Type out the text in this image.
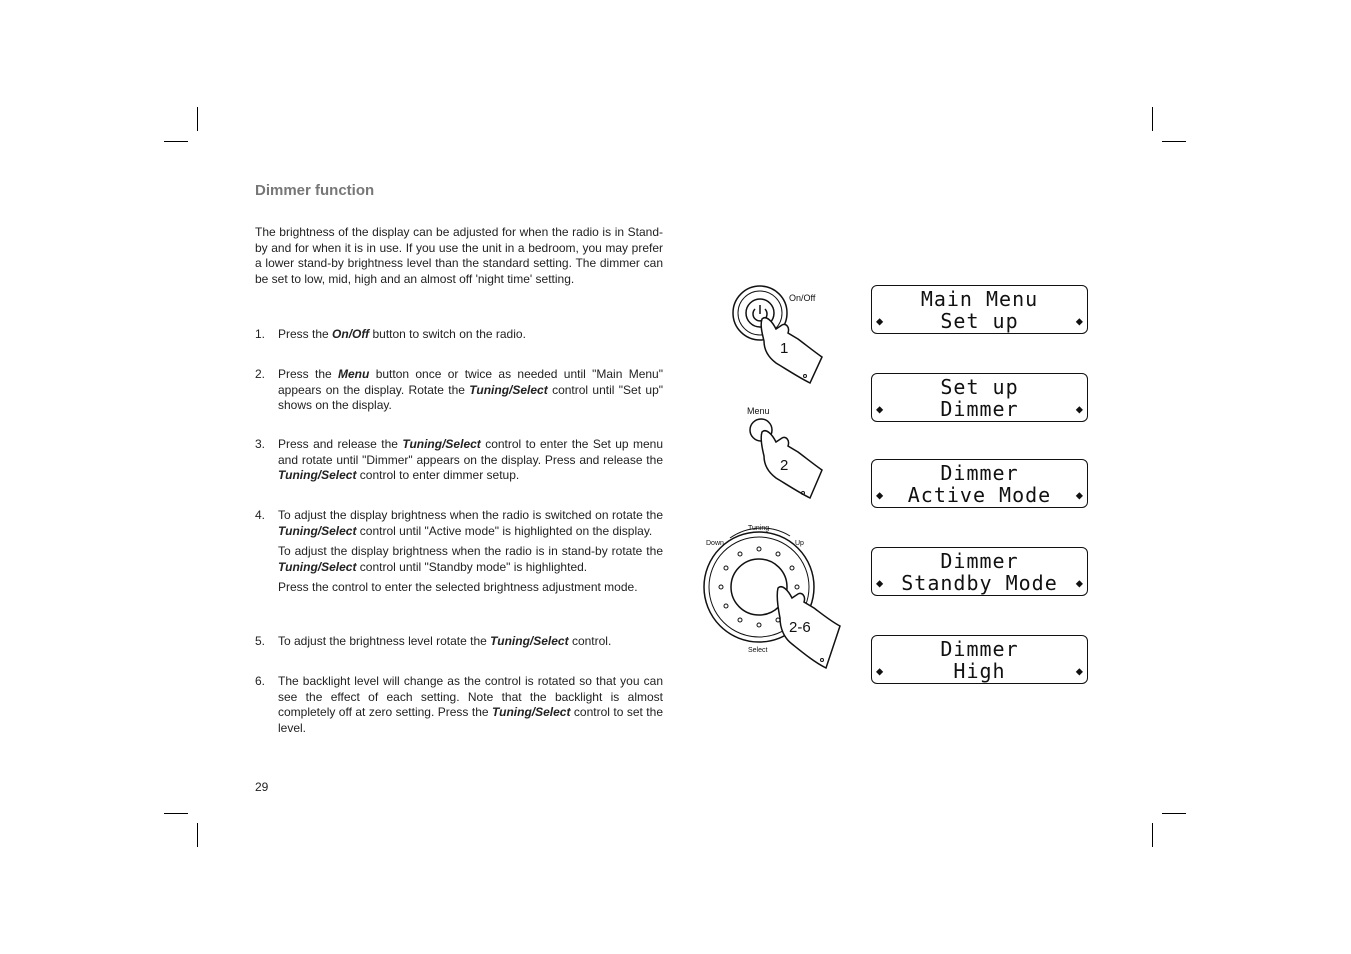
Dimmer function

The brightness of the display can be adjusted for when the radio is in Stand-by and for when it is in use. If you use the unit in a bedroom, you may prefer a lower stand-by brightness level than the standard setting. The dimmer can be set to low, mid, high and an almost off 'night time' setting.

1. Press the On/Off button to switch on the radio.

2. Press the Menu button once or twice as needed until "Main Menu" appears on the display. Rotate the Tuning/Select control until "Set up" shows on the display.

3. Press and release the Tuning/Select control to enter the Set up menu and rotate until "Dimmer" appears on the display. Press and release the Tuning/Select control to enter dimmer setup.

4. To adjust the display brightness when the radio is switched on rotate the Tuning/Select control until "Active mode" is highlighted on the display.

To adjust the display brightness when the radio is in stand-by rotate the Tuning/Select control until "Standby mode" is highlighted.

Press the control to enter the selected brightness adjustment mode.

5. To adjust the brightness level rotate the Tuning/Select control.

6. The backlight level will change as the control is rotated so that you can see the effect of each setting. Note that the backlight is almost completely off at zero setting. Press the Tuning/Select control to set the level.

29
On/Off
1
Menu
2
Tuning
Down	Up
Select
2-6
Main Menu
◆	Set up	◆
Set up
◆	Dimmer	◆
Dimmer
◆	Active Mode	◆
Dimmer
◆ Standby Mode	◆
Dimmer
◆	High	◆
